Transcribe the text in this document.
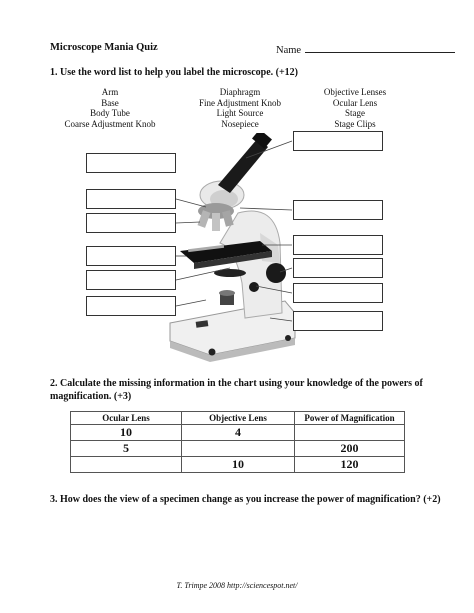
Microscope Mania Quiz	Name
1. Use the word list to help you label the microscope. (+12)
Arm
Base
Body Tube
Coarse Adjustment Knob
Diaphragm
Fine Adjustment Knob
Light Source
Nosepiece
Objective Lenses
Ocular Lens
Stage
Stage Clips
2. Calculate the missing information in the chart using your knowledge of the powers of magnification. (+3)
Ocular Lens	Objective Lens	Power of Magnification
10	4	
5		200
	10	120
3. How does the view of a specimen change as you increase the power of magnification? (+2)
T. Trimpe 2008 http://sciencespot.net/
